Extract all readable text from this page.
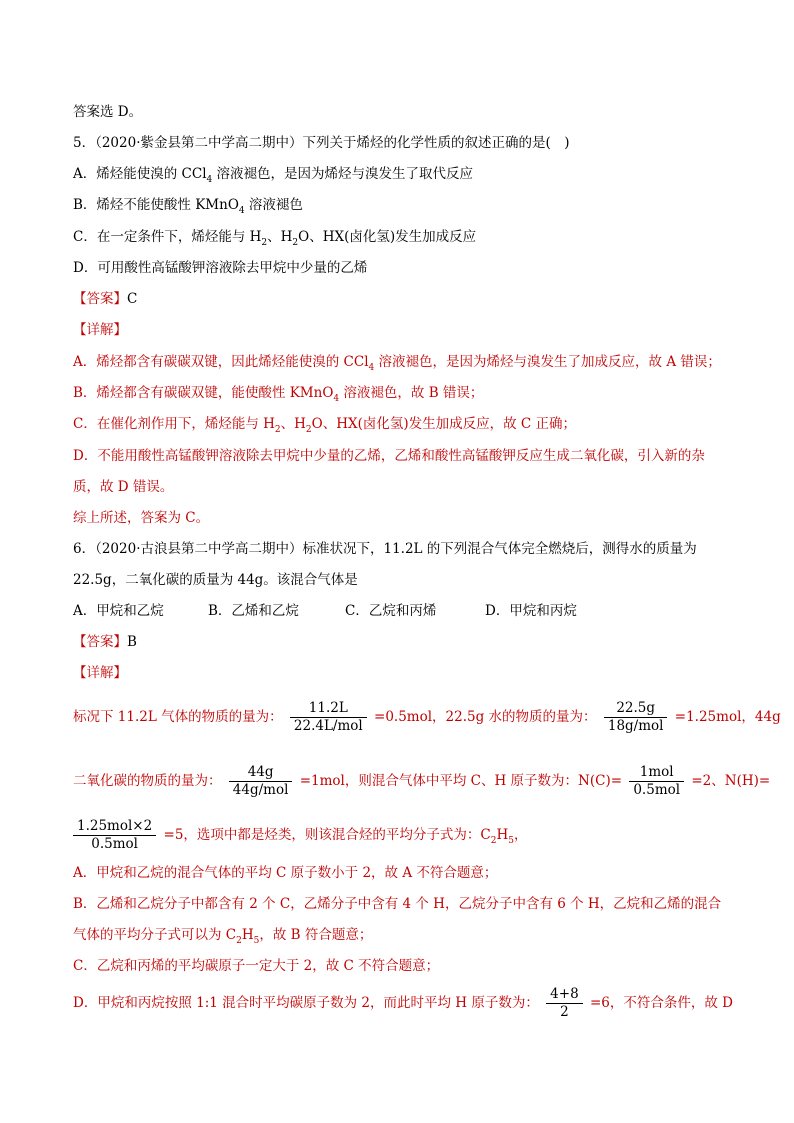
答案选 D。
5．（2020·紫金县第二中学高二期中）下列关于烯烃的化学性质的叙述正确的是(　)
A．烯烃能使溴的 CCl$_4$ 溶液褪色，是因为烯烃与溴发生了取代反应
B．烯烃不能使酸性 KMnO$_4$ 溶液褪色
C．在一定条件下，烯烃能与 $H_2$、$H_2O$、HX(卤化氢)发生加成反应
D．可用酸性高锰酸钾溶液除去甲烷中少量的乙烯
【答案】C
【详解】
A．烯烃都含有碳碳双键，因此烯烃能使溴的 CCl$_4$ 溶液褪色，是因为烯烃与溴发生了加成反应，故 A 错误；
B．烯烃都含有碳碳双键，能使酸性 KMnO$_4$ 溶液褪色，故 B 错误；
C．在催化剂作用下，烯烃能与 $H_2$、$H_2O$、HX(卤化氢)发生加成反应，故 C 正确；
D．不能用酸性高锰酸钾溶液除去甲烷中少量的乙烯，乙烯和酸性高锰酸钾反应生成二氧化碳，引入新的杂
质，故 D 错误。
综上所述，答案为 C。
6．（2020·古浪县第二中学高二期中）标准状况下，11.2L 的下列混合气体完全燃烧后，测得水的质量为
22.5g，二氧化碳的质量为 44g。该混合气体是
A．甲烷和乙烷	B．乙烯和乙烷	C．乙烷和丙烯	D．甲烷和丙烷
【答案】B
【详解】
标况下 11.2L 气体的物质的量为： $\frac{11.2L}{\text{22.4L/mol}} =0.5mol$，22.5g 水的物质的量为： $\frac{22.5g}{\text{18g/mol}} =1.25mol$，44g
二氧化碳的物质的量为： $\frac{44g}{\text{44g/mol}} =1mol$，则混合气体中平均 C、H 原子数为：$N(C)= \frac{\text{1mol}}{\text{0.5mol}} =2$、N(H)=
$\frac{\text{1.25mol×2}}{\text{0.5mol}} =5$，选项中都是烃类，则该混合烃的平均分子式为：$C_2H_5$，
A．甲烷和乙烷的混合气体的平均 C 原子数小于 2，故 A 不符合题意；
B．乙烯和乙烷分子中都含有 2 个 C，乙烯分子中含有 4 个 H，乙烷分子中含有 6 个 H，乙烷和乙烯的混合
气体的平均分子式可以为 $C_2H_5$，故 B 符合题意；
C．乙烷和丙烯的平均碳原子一定大于 2，故 C 不符合题意；
D．甲烷和丙烷按照 1:1 混合时平均碳原子数为 2，而此时平均 H 原子数为： $\frac{4+8}{2} =6$，不符合条件，故 D
